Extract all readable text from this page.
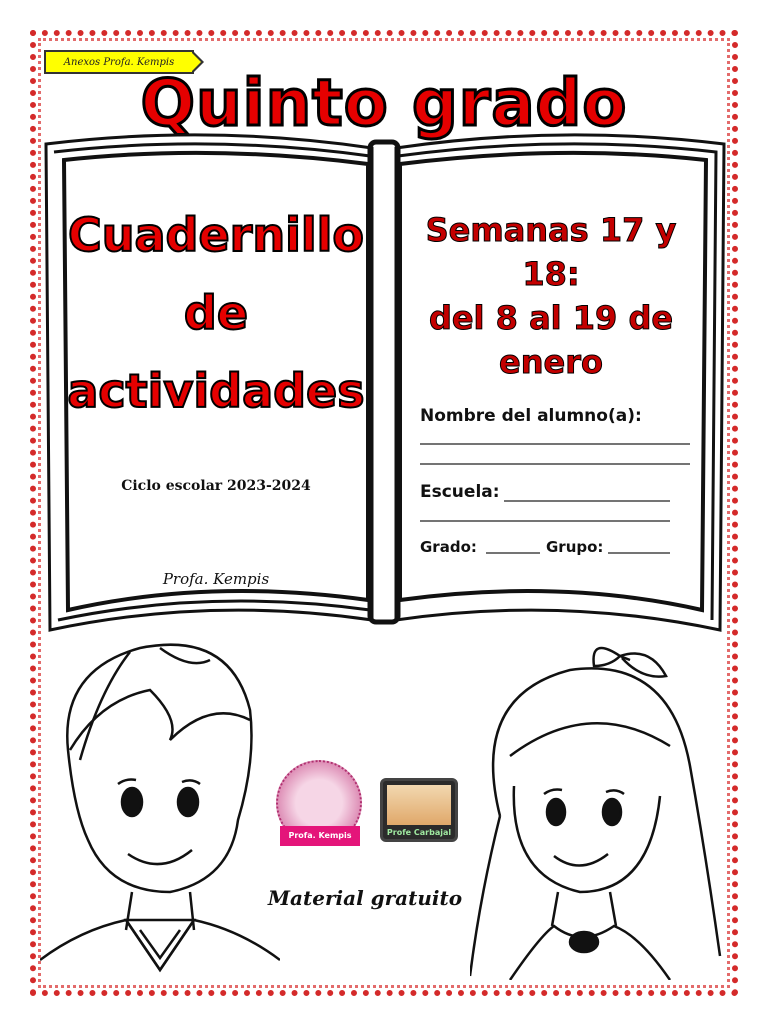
Anexos Profa. Kempis
Quinto grado
Cuadernillo
de
actividades
Ciclo escolar 2023-2024
Profa. Kempis
Semanas 17 y 18:
del 8 al 19 de
enero
Nombre del alumno(a):
Escuela:
Grado:	Grupo:
Profa. Kempis	Profe Carbajal
Material gratuito
